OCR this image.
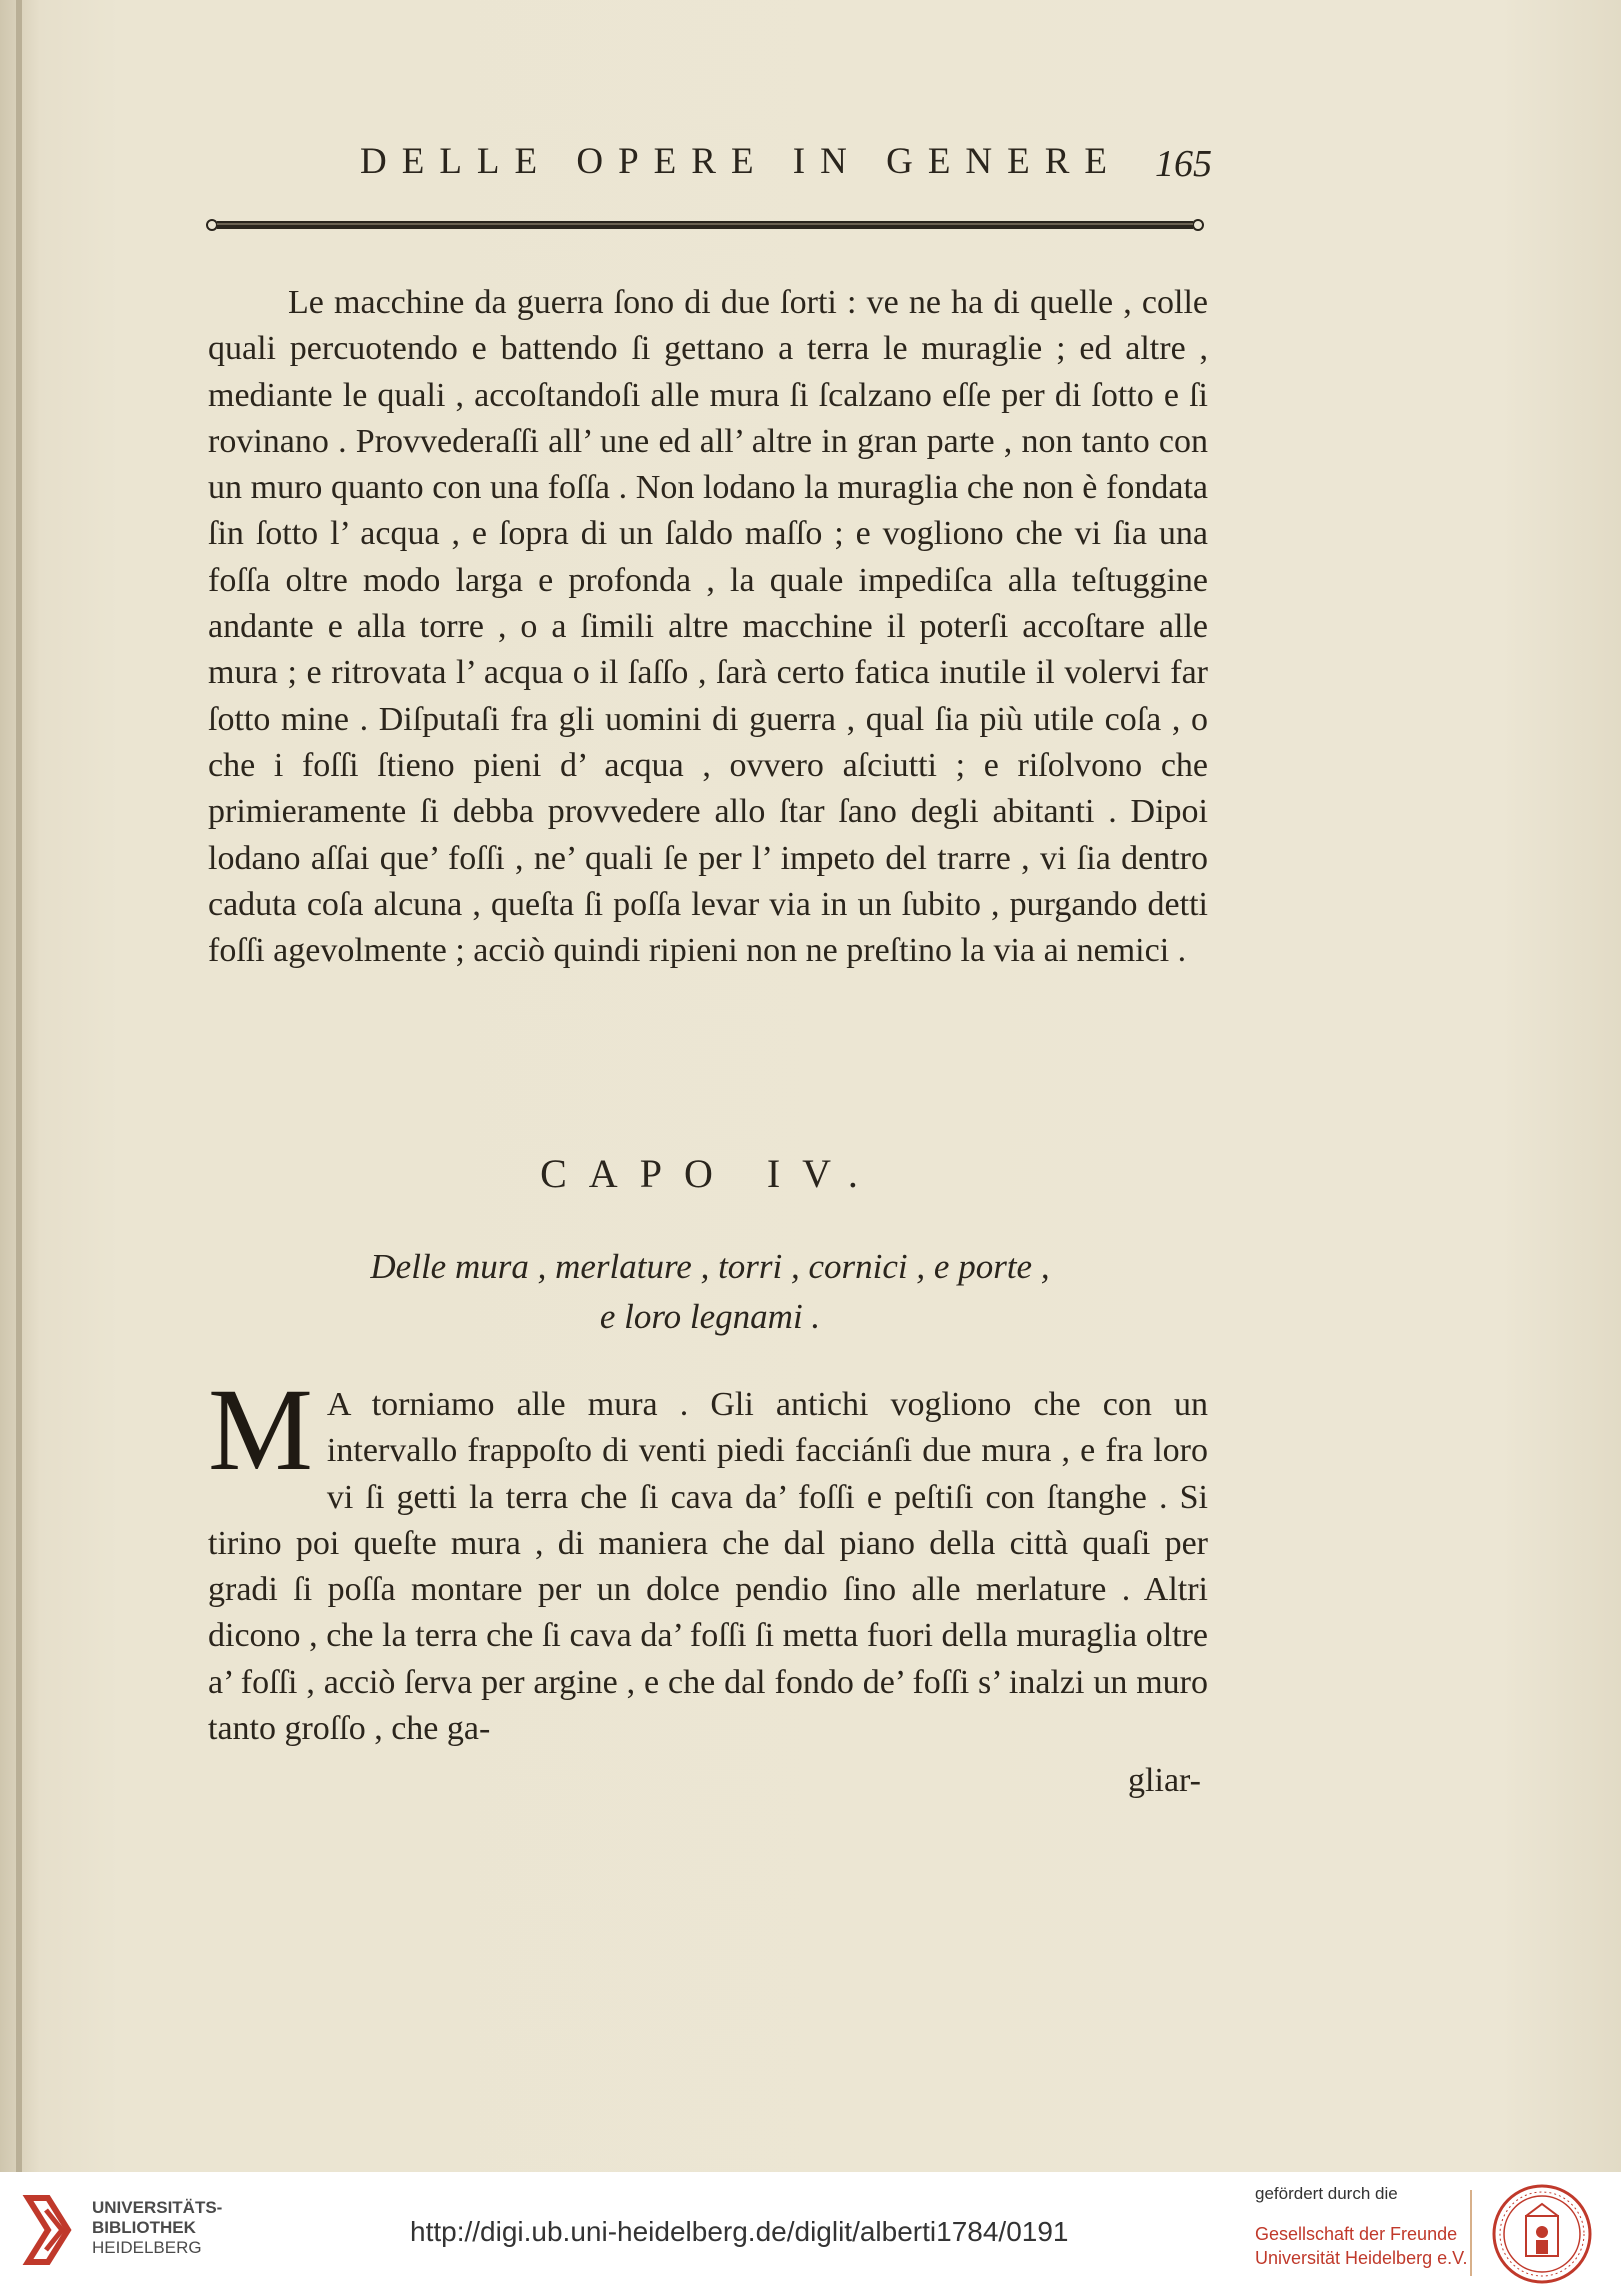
DELLE OPERE IN GENERE 165

Le macchine da guerra ſono di due ſorti : ve ne ha di quelle , colle quali percuotendo e battendo ſi gettano a terra le muraglie ; ed altre , mediante le quali , accoſtandoſi alle mura ſi ſcalzano eſſe per di ſotto e ſi rovinano . Provvederaſſi all’ une ed all’ altre in gran parte , non tanto con un muro quanto con una foſſa . Non lodano la muraglia che non è fondata ſin ſotto l’ acqua , e ſopra di un ſaldo maſſo ; e vogliono che vi ſia una foſſa oltre modo larga e profonda , la quale impediſca alla teſtuggine andante e alla torre , o a ſimili altre macchine il poterſi accoſtare alle mura ; e ritrovata l’ acqua o il ſaſſo , ſarà certo fatica inutile il volervi far ſotto mine . Diſputaſi fra gli uomini di guerra , qual ſia più utile coſa , o che i foſſi ſtieno pieni d’ acqua , ovvero aſciutti ; e riſolvono che primieramente ſi debba provvedere allo ſtar ſano degli abitanti . Dipoi lodano aſſai que’ foſſi , ne’ quali ſe per l’ impeto del trarre , vi ſia dentro caduta coſa alcuna , queſta ſi poſſa levar via in un ſubito , purgando detti foſſi agevolmente ; acciò quindi ripieni non ne preſtino la via ai nemici .

CAPO IV.
Delle mura , merlature , torri , cornici , e porte ,
e loro legnami .
M A torniamo alle mura . Gli antichi vogliono che con un intervallo frappoſto di venti piedi facciánſi due mura , e fra loro vi ſi getti la terra che ſi cava da’ foſſi e peſtiſi con ſtanghe . Si tirino poi queſte mura , di maniera che dal piano della città quaſi per gradi ſi poſſa montare per un dolce pendio ſino alle merlature . Altri dicono , che la terra che ſi cava da’ foſſi ſi metta fuori della muraglia oltre a’ foſſi , acciò ſerva per argine , e che dal fondo de’ foſſi s’ inalzi un muro tanto groſſo , che ga-
gliar-
UNIVERSITÄTS-
BIBLIOTHEK
HEIDELBERG
http://digi.ub.uni-heidelberg.de/diglit/alberti1784/0191
gefördert durch die
Gesellschaft der Freunde
Universität Heidelberg e.V.
